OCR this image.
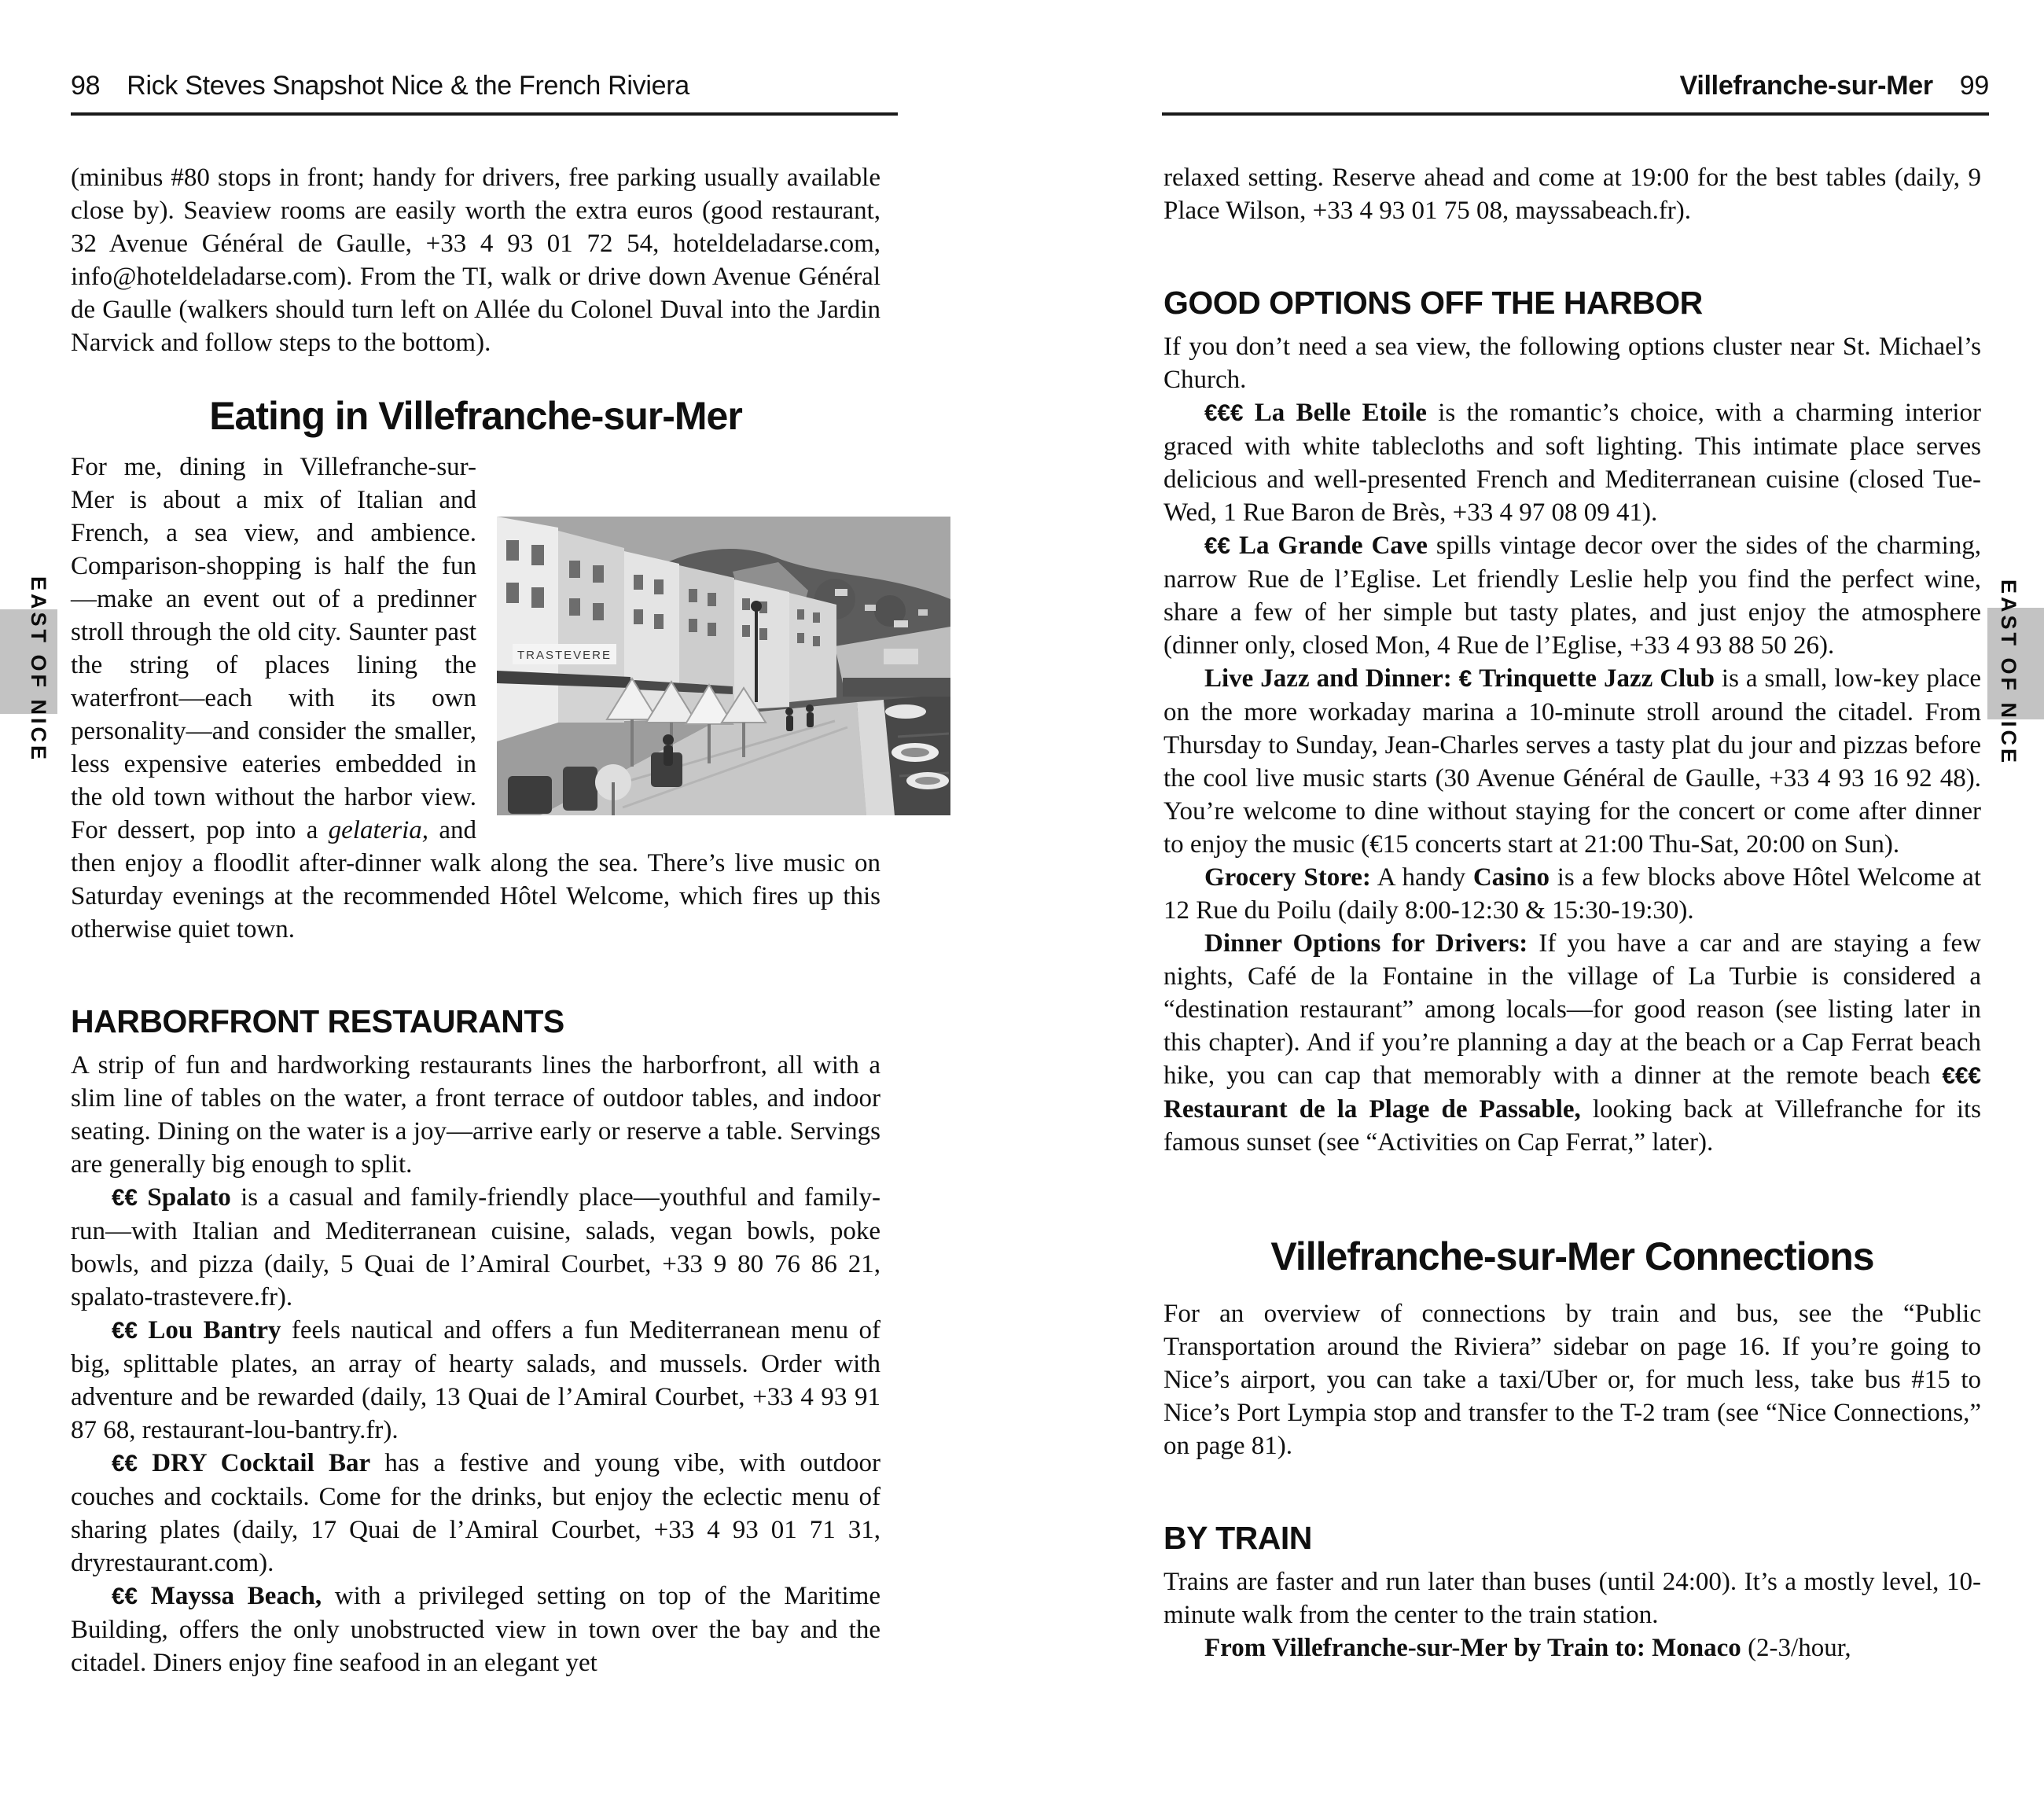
98 Rick Steves Snapshot Nice & the French Riviera	Villefranche-sur-Mer 99
EAST OF NICE	EAST OF NICE

(minibus #80 stops in front; handy for drivers, free parking usually available close by). Seaview rooms are easily worth the extra euros (good restaurant, 32 Avenue Général de Gaulle, +33 4 93 01 72 54, hoteldeladarse.com, info@hoteldeladarse.com). From the TI, walk or drive down Avenue Général de Gaulle (walkers should turn left on Allée du Colonel Duval into the Jardin Narvick and follow steps to the bottom).

Eating in Villefranche-sur-Mer

TRASTEVERE
For me, dining in Villefranche-sur-Mer is about a mix of Italian and French, a sea view, and ambience. Comparison-shopping is half the fun—make an event out of a predinner stroll through the old city. Saunter past the string of places lining the waterfront—each with its own personality—and consider the smaller, less expensive eateries embedded in the old town without the harbor view. For dessert, pop into a gelateria, and then enjoy a floodlit after-dinner walk along the sea. There’s live music on Saturday evenings at the recommended Hôtel Welcome, which fires up this otherwise quiet town.

HARBORFRONT RESTAURANTS

A strip of fun and hardworking restaurants lines the harborfront, all with a slim line of tables on the water, a front terrace of outdoor tables, and indoor seating. Dining on the water is a joy—arrive early or reserve a table. Servings are generally big enough to split.

€€ Spalato is a casual and family-friendly place—youthful and family-run—with Italian and Mediterranean cuisine, salads, vegan bowls, poke bowls, and pizza (daily, 5 Quai de l’Amiral Courbet, +33 9 80 76 86 21, spalato-trastevere.fr).

€€ Lou Bantry feels nautical and offers a fun Mediterranean menu of big, splittable plates, an array of hearty salads, and mussels. Order with adventure and be rewarded (daily, 13 Quai de l’Amiral Courbet, +33 4 93 91 87 68, restaurant-lou-bantry.fr).

€€ DRY Cocktail Bar has a festive and young vibe, with outdoor couches and cocktails. Come for the drinks, but enjoy the eclectic menu of sharing plates (daily, 17 Quai de l’Amiral Courbet, +33 4 93 01 71 31, dryrestaurant.com).

€€ Mayssa Beach, with a privileged setting on top of the Maritime Building, offers the only unobstructed view in town over the bay and the citadel. Diners enjoy fine seafood in an elegant yet

relaxed setting. Reserve ahead and come at 19:00 for the best tables (daily, 9 Place Wilson, +33 4 93 01 75 08, mayssabeach.fr).

GOOD OPTIONS OFF THE HARBOR

If you don’t need a sea view, the following options cluster near St. Michael’s Church.

€€€ La Belle Etoile is the romantic’s choice, with a charming interior graced with white tablecloths and soft lighting. This intimate place serves delicious and well-presented French and Mediterranean cuisine (closed Tue-Wed, 1 Rue Baron de Brès, +33 4 97 08 09 41).

€€ La Grande Cave spills vintage decor over the sides of the charming, narrow Rue de l’Eglise. Let friendly Leslie help you find the perfect wine, share a few of her simple but tasty plates, and just enjoy the atmosphere (dinner only, closed Mon, 4 Rue de l’Eglise, +33 4 93 88 50 26).

Live Jazz and Dinner: € Trinquette Jazz Club is a small, low-key place on the more workaday marina a 10-minute stroll around the citadel. From Thursday to Sunday, Jean-Charles serves a tasty plat du jour and pizzas before the cool live music starts (30 Avenue Général de Gaulle, +33 4 93 16 92 48). You’re welcome to dine without staying for the concert or come after dinner to enjoy the music (€15 concerts start at 21:00 Thu-Sat, 20:00 on Sun).

Grocery Store: A handy Casino is a few blocks above Hôtel Welcome at 12 Rue du Poilu (daily 8:00-12:30 & 15:30-19:30).

Dinner Options for Drivers: If you have a car and are staying a few nights, Café de la Fontaine in the village of La Turbie is considered a “destination restaurant” among locals—for good reason (see listing later in this chapter). And if you’re planning a day at the beach or a Cap Ferrat beach hike, you can cap that memorably with a dinner at the remote beach €€€ Restaurant de la Plage de Passable, looking back at Villefranche for its famous sunset (see “Activities on Cap Ferrat,” later).

Villefranche-sur-Mer Connections

For an overview of connections by train and bus, see the “Public Transportation around the Riviera” sidebar on page 16. If you’re going to Nice’s airport, you can take a taxi/Uber or, for much less, take bus #15 to Nice’s Port Lympia stop and transfer to the T-2 tram (see “Nice Connections,” on page 81).

BY TRAIN

Trains are faster and run later than buses (until 24:00). It’s a mostly level, 10-minute walk from the center to the train station.

From Villefranche-sur-Mer by Train to: Monaco (2-3/hour,
